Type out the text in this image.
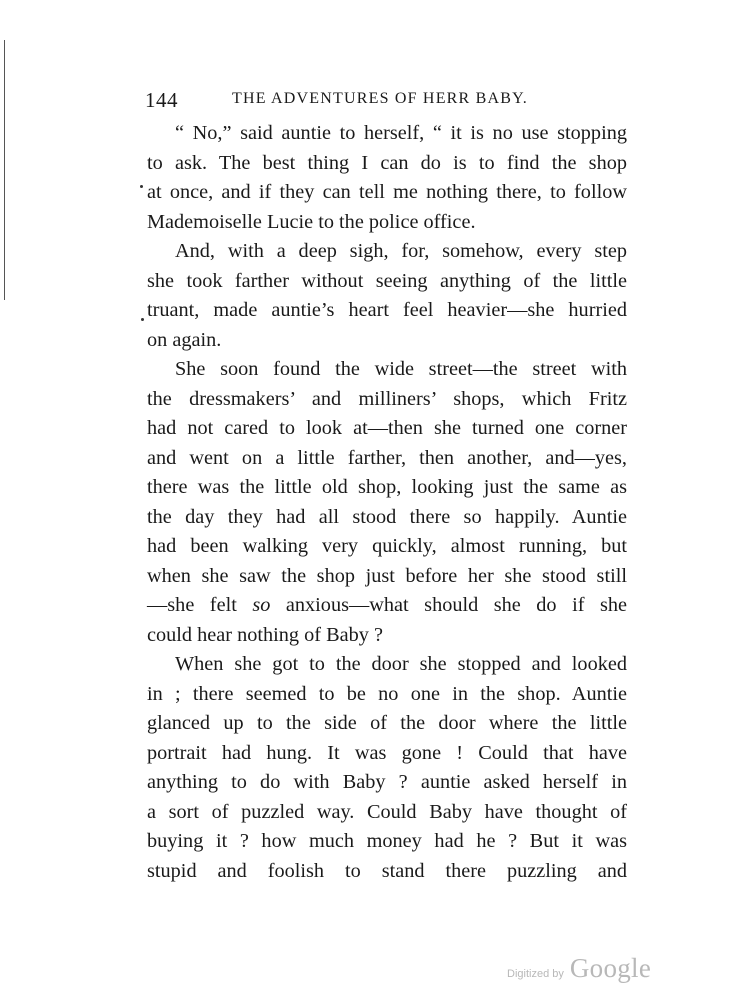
144	THE ADVENTURES OF HERR BABY.

“ No,” said auntie to herself, “ it is no use stopping
to ask. The best thing I can do is to find the shop
at once, and if they can tell me nothing there, to follow
Mademoiselle Lucie to the police office.

And, with a deep sigh, for, somehow, every step
she took farther without seeing anything of the little
truant, made auntie’s heart feel heavier—she hurried
on again.

She soon found the wide street—the street with
the dressmakers’ and milliners’ shops, which Fritz
had not cared to look at—then she turned one corner
and went on a little farther, then another, and—yes,
there was the little old shop, looking just the same as
the day they had all stood there so happily. Auntie
had been walking very quickly, almost running, but
when she saw the shop just before her she stood still
—she felt so anxious—what should she do if she
could hear nothing of Baby ?

When she got to the door she stopped and looked
in ; there seemed to be no one in the shop. Auntie
glanced up to the side of the door where the little
portrait had hung. It was gone ! Could that have
anything to do with Baby ? auntie asked herself in
a sort of puzzled way. Could Baby have thought of
buying it ? how much money had he ? But it was
stupid and foolish to stand there puzzling and

Digitized by Google
